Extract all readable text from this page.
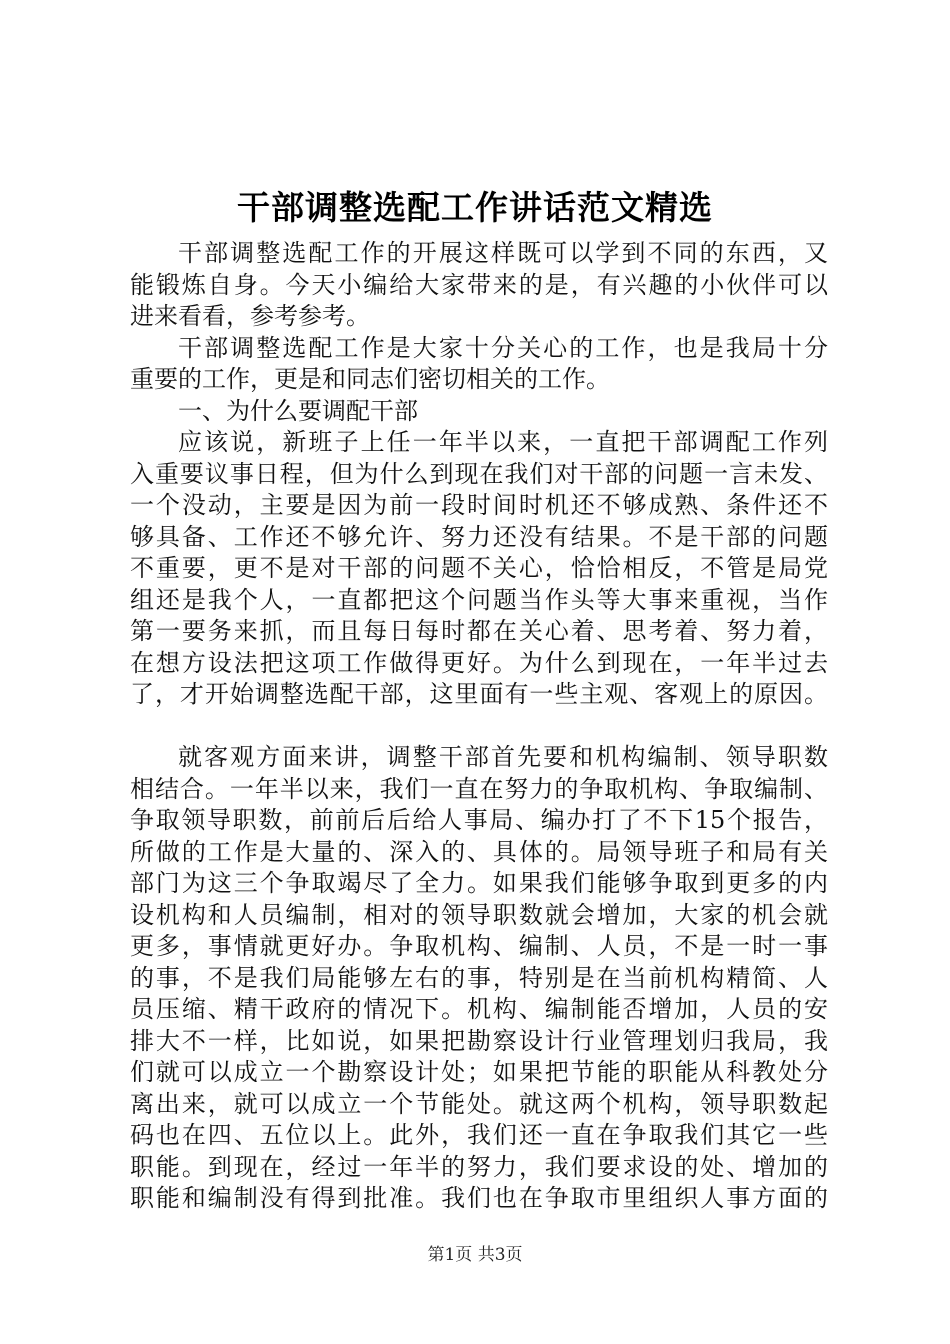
干部调整选配工作讲话范文精选
干部调整选配工作的开展这样既可以学到不同的东西，又
能锻炼自身。今天小编给大家带来的是，有兴趣的小伙伴可以
进来看看，参考参考。
干部调整选配工作是大家十分关心的工作，也是我局十分
重要的工作，更是和同志们密切相关的工作。
一、为什么要调配干部
应该说，新班子上任一年半以来，一直把干部调配工作列
入重要议事日程，但为什么到现在我们对干部的问题一言未发、
一个没动，主要是因为前一段时间时机还不够成熟、条件还不
够具备、工作还不够允许、努力还没有结果。不是干部的问题
不重要，更不是对干部的问题不关心，恰恰相反，不管是局党
组还是我个人，一直都把这个问题当作头等大事来重视，当作
第一要务来抓，而且每日每时都在关心着、思考着、努力着，
在想方设法把这项工作做得更好。为什么到现在，一年半过去
了，才开始调整选配干部，这里面有一些主观、客观上的原因。
就客观方面来讲，调整干部首先要和机构编制、领导职数
相结合。一年半以来，我们一直在努力的争取机构、争取编制、
争取领导职数，前前后后给人事局、编办打了不下15个报告，
所做的工作是大量的、深入的、具体的。局领导班子和局有关
部门为这三个争取竭尽了全力。如果我们能够争取到更多的内
设机构和人员编制，相对的领导职数就会增加，大家的机会就
更多，事情就更好办。争取机构、编制、人员，不是一时一事
的事，不是我们局能够左右的事，特别是在当前机构精简、人
员压缩、精干政府的情况下。机构、编制能否增加，人员的安
排大不一样，比如说，如果把勘察设计行业管理划归我局，我
们就可以成立一个勘察设计处；如果把节能的职能从科教处分
离出来，就可以成立一个节能处。就这两个机构，领导职数起
码也在四、五位以上。此外，我们还一直在争取我们其它一些
职能。到现在，经过一年半的努力，我们要求设的处、增加的
职能和编制没有得到批准。我们也在争取市里组织人事方面的
第1页 共3页
